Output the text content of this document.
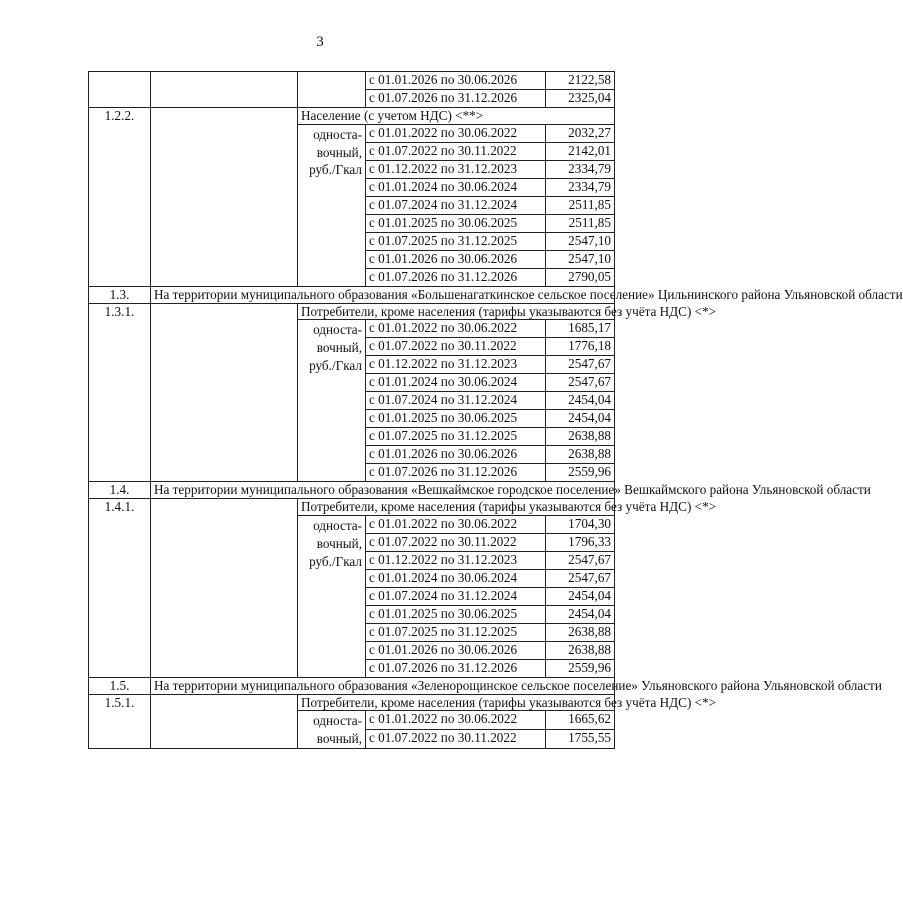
3
			с 01.01.2026 по 30.06.2026	2122,58
			с 01.07.2026 по 31.12.2026	2325,04
1.2.2.		Население (с учетом НДС) <**>		

		односта-
вочный,
руб./Гкал	с 01.01.2022 по 30.06.2022	2032,27
			с 01.07.2022 по 30.11.2022	2142,01
			с 01.12.2022 по 31.12.2023	2334,79
			с 01.01.2024 по 30.06.2024	2334,79
			с 01.07.2024 по 31.12.2024	2511,85
			с 01.01.2025 по 30.06.2025	2511,85
			с 01.07.2025 по 31.12.2025	2547,10
			с 01.01.2026 по 30.06.2026	2547,10
			с 01.07.2026 по 31.12.2026	2790,05
1.3.	На территории муниципального образования «Большенагаткинское сельское поселение» Цильнинского района Ульяновской области			
1.3.1.		Потребители, кроме населения (тарифы указываются без учёта НДС) <*>		

		односта-
вочный,
руб./Гкал	с 01.01.2022 по 30.06.2022	1685,17
			с 01.07.2022 по 30.11.2022	1776,18
			с 01.12.2022 по 31.12.2023	2547,67
			с 01.01.2024 по 30.06.2024	2547,67
			с 01.07.2024 по 31.12.2024	2454,04
			с 01.01.2025 по 30.06.2025	2454,04
			с 01.07.2025 по 31.12.2025	2638,88
			с 01.01.2026 по 30.06.2026	2638,88
			с 01.07.2026 по 31.12.2026	2559,96
1.4.	На территории муниципального образования «Вешкаймское городское поселение» Вешкаймского района Ульяновской области			
1.4.1.		Потребители, кроме населения (тарифы указываются без учёта НДС) <*>		

		односта-
вочный,
руб./Гкал	с 01.01.2022 по 30.06.2022	1704,30
			с 01.07.2022 по 30.11.2022	1796,33
			с 01.12.2022 по 31.12.2023	2547,67
			с 01.01.2024 по 30.06.2024	2547,67
			с 01.07.2024 по 31.12.2024	2454,04
			с 01.01.2025 по 30.06.2025	2454,04
			с 01.07.2025 по 31.12.2025	2638,88
			с 01.01.2026 по 30.06.2026	2638,88
			с 01.07.2026 по 31.12.2026	2559,96
1.5.	На территории муниципального образования «Зеленорощинское сельское поселение» Ульяновского района Ульяновской области			
1.5.1.		Потребители, кроме населения (тарифы указываются без учёта НДС) <*>		

		односта-
вочный,	с 01.01.2022 по 30.06.2022	1665,62
			с 01.07.2022 по 30.11.2022	1755,55
